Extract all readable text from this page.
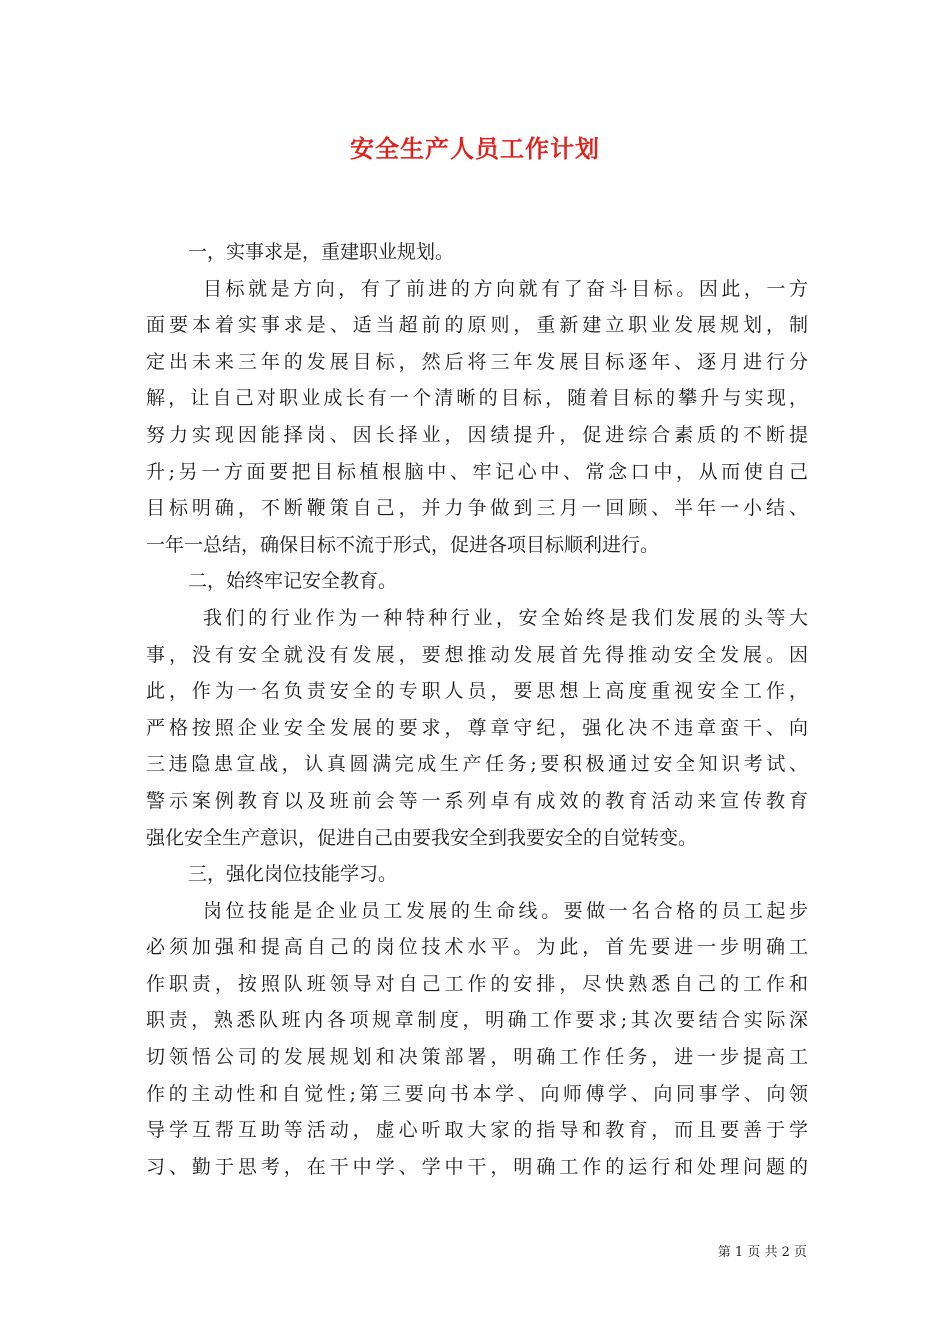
安全生产人员工作计划
一，实事求是，重建职业规划。
目标就是方向，有了前进的方向就有了奋斗目标。因此，一方
面要本着实事求是、适当超前的原则，重新建立职业发展规划，制
定出未来三年的发展目标，然后将三年发展目标逐年、逐月进行分
解，让自己对职业成长有一个清晰的目标，随着目标的攀升与实现，
努力实现因能择岗、因长择业，因绩提升，促进综合素质的不断提
升;另一方面要把目标植根脑中、牢记心中、常念口中，从而使自己
目标明确，不断鞭策自己，并力争做到三月一回顾、半年一小结、
一年一总结，确保目标不流于形式，促进各项目标顺利进行。
二，始终牢记安全教育。
我们的行业作为一种特种行业，安全始终是我们发展的头等大
事，没有安全就没有发展，要想推动发展首先得推动安全发展。因
此，作为一名负责安全的专职人员，要思想上高度重视安全工作，
严格按照企业安全发展的要求，尊章守纪，强化决不违章蛮干、向
三违隐患宣战，认真圆满完成生产任务;要积极通过安全知识考试、
警示案例教育以及班前会等一系列卓有成效的教育活动来宣传教育
强化安全生产意识，促进自己由要我安全到我要安全的自觉转变。
三，强化岗位技能学习。
岗位技能是企业员工发展的生命线。要做一名合格的员工起步
必须加强和提高自己的岗位技术水平。为此，首先要进一步明确工
作职责，按照队班领导对自己工作的安排，尽快熟悉自己的工作和
职责，熟悉队班内各项规章制度，明确工作要求;其次要结合实际深
切领悟公司的发展规划和决策部署，明确工作任务，进一步提高工
作的主动性和自觉性;第三要向书本学、向师傅学、向同事学、向领
导学互帮互助等活动，虚心听取大家的指导和教育，而且要善于学
习、勤于思考，在干中学、学中干，明确工作的运行和处理问题的
第 1 页 共 2 页
